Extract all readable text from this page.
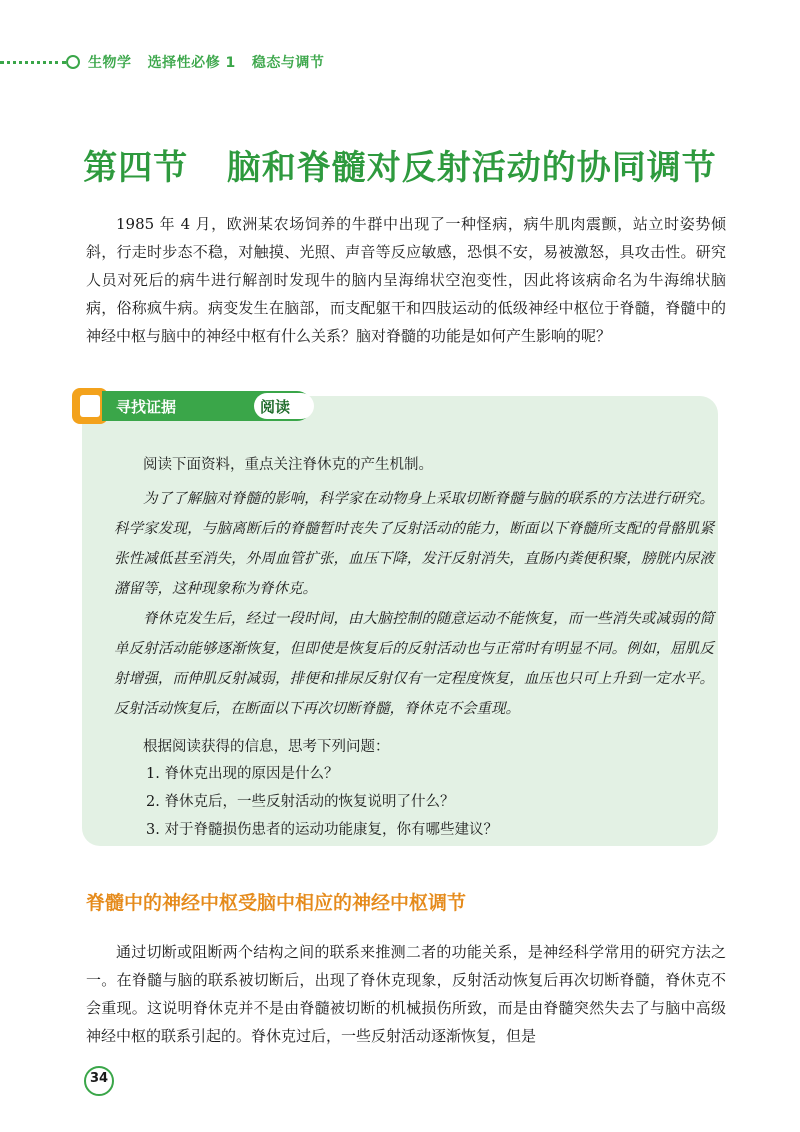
生物学   选择性必修 1   稳态与调节
第四节   脑和脊髓对反射活动的协同调节

1985 年 4 月，欧洲某农场饲养的牛群中出现了一种怪病，病牛肌肉震颤，站立时姿势倾斜，行走时步态不稳，对触摸、光照、声音等反应敏感，恐惧不安，易被激怒，具攻击性。研究人员对死后的病牛进行解剖时发现牛的脑内呈海绵状空泡变性，因此将该病命名为牛海绵状脑病，俗称疯牛病。病变发生在脑部，而支配躯干和四肢运动的低级神经中枢位于脊髓，脊髓中的神经中枢与脑中的神经中枢有什么关系？脑对脊髓的功能是如何产生影响的呢？

寻找证据	阅读

阅读下面资料，重点关注脊休克的产生机制。

为了了解脑对脊髓的影响，科学家在动物身上采取切断脊髓与脑的联系的方法进行研究。科学家发现，与脑离断后的脊髓暂时丧失了反射活动的能力，断面以下脊髓所支配的骨骼肌紧张性减低甚至消失，外周血管扩张，血压下降，发汗反射消失，直肠内粪便积聚，膀胱内尿液潴留等，这种现象称为脊休克。

脊休克发生后，经过一段时间，由大脑控制的随意运动不能恢复，而一些消失或减弱的简单反射活动能够逐渐恢复，但即使是恢复后的反射活动也与正常时有明显不同。例如，屈肌反射增强，而伸肌反射减弱，排便和排尿反射仅有一定程度恢复，血压也只可上升到一定水平。反射活动恢复后，在断面以下再次切断脊髓，脊休克不会重现。

根据阅读获得的信息，思考下列问题：

1. 脊休克出现的原因是什么？
2. 脊休克后，一些反射活动的恢复说明了什么？
3. 对于脊髓损伤患者的运动功能康复，你有哪些建议？
脊髓中的神经中枢受脑中相应的神经中枢调节

通过切断或阻断两个结构之间的联系来推测二者的功能关系，是神经科学常用的研究方法之一。在脊髓与脑的联系被切断后，出现了脊休克现象，反射活动恢复后再次切断脊髓，脊休克不会重现。这说明脊休克并不是由脊髓被切断的机械损伤所致，而是由脊髓突然失去了与脑中高级神经中枢的联系引起的。脊休克过后，一些反射活动逐渐恢复，但是

34
